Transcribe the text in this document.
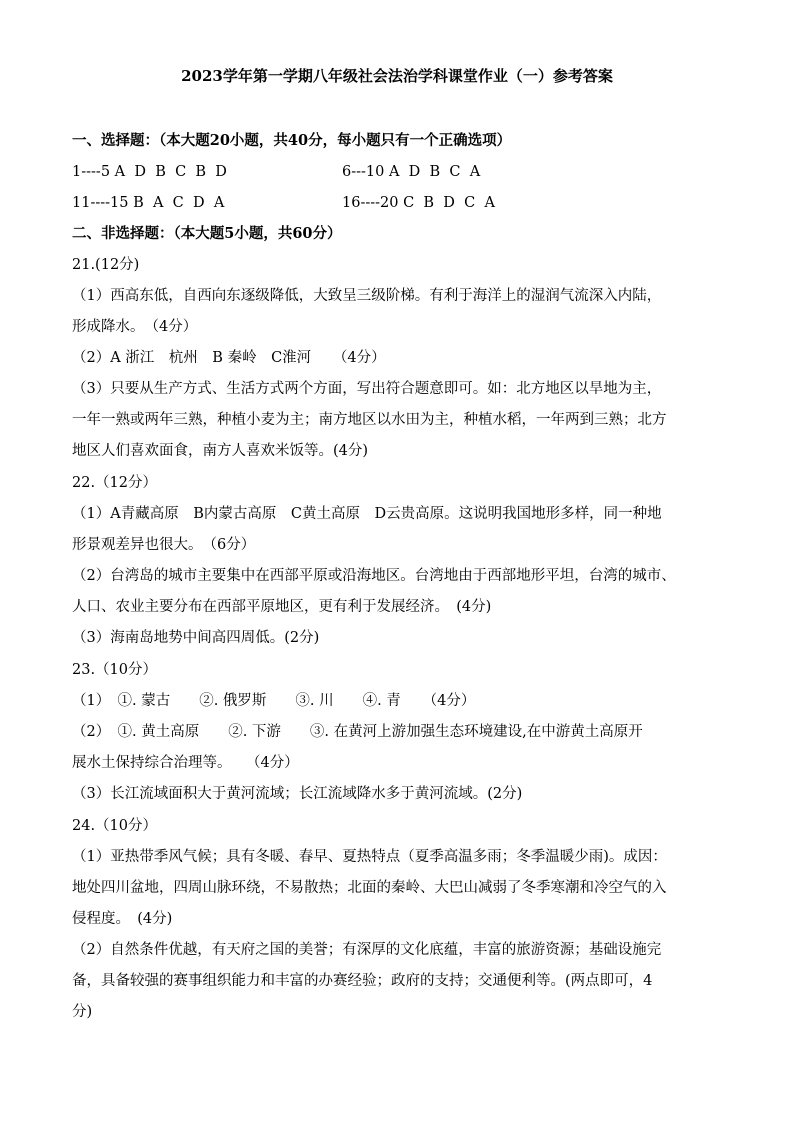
2023学年第一学期八年级社会法治学科课堂作业（一）参考答案
一、选择题：（本大题20小题，共40分，每小题只有一个正确选项）
1----5 A  D  B  C  B  D	6---10 A  D  B  C  A
11----15 B  A  C  D  A	16----20 C  B  D  C  A
二、非选择题：（本大题5小题，共60分）
21.(12分)
（1）西高东低，自西向东逐级降低，大致呈三级阶梯。有利于海洋上的湿润气流深入内陆，
形成降水。　（4分）
（2）A 浙江　杭州　B 秦岭　C淮河　　（4分）
（3）只要从生产方式、生活方式两个方面，写出符合题意即可。如：北方地区以旱地为主，
一年一熟或两年三熟，种植小麦为主；南方地区以水田为主，种植水稻，一年两到三熟；北方
地区人们喜欢面食，南方人喜欢米饭等。(4分)
22.（12分）
（1）A青藏高原　B内蒙古高原　C黄土高原　D云贵高原。这说明我国地形多样，同一种地
形景观差异也很大。　（6分）
（2）台湾岛的城市主要集中在西部平原或沿海地区。台湾地由于西部地形平坦，台湾的城市、
人口、农业主要分布在西部平原地区，更有利于发展经济。　(4分)
（3）海南岛地势中间高四周低。(2分)
23.（10分）
（1）　①. 蒙古　　②. 俄罗斯　　③. 川　　④. 青　　（4分）
（2）　①. 黄土高原　　②. 下游　　③. 在黄河上游加强生态环境建设,在中游黄土高原开
展水土保持综合治理等。　　（4分）
（3）长江流域面积大于黄河流域；长江流域降水多于黄河流域。(2分)
24.（10分）
（1）亚热带季风气候；具有冬暖、春早、夏热特点（夏季高温多雨；冬季温暖少雨)。成因：
地处四川盆地，四周山脉环绕，不易散热；北面的秦岭、大巴山减弱了冬季寒潮和冷空气的入
侵程度。　(4分)
（2）自然条件优越，有天府之国的美誉；有深厚的文化底蕴，丰富的旅游资源；基础设施完
备，具备较强的赛事组织能力和丰富的办赛经验；政府的支持；交通便利等。(两点即可，4
分)
